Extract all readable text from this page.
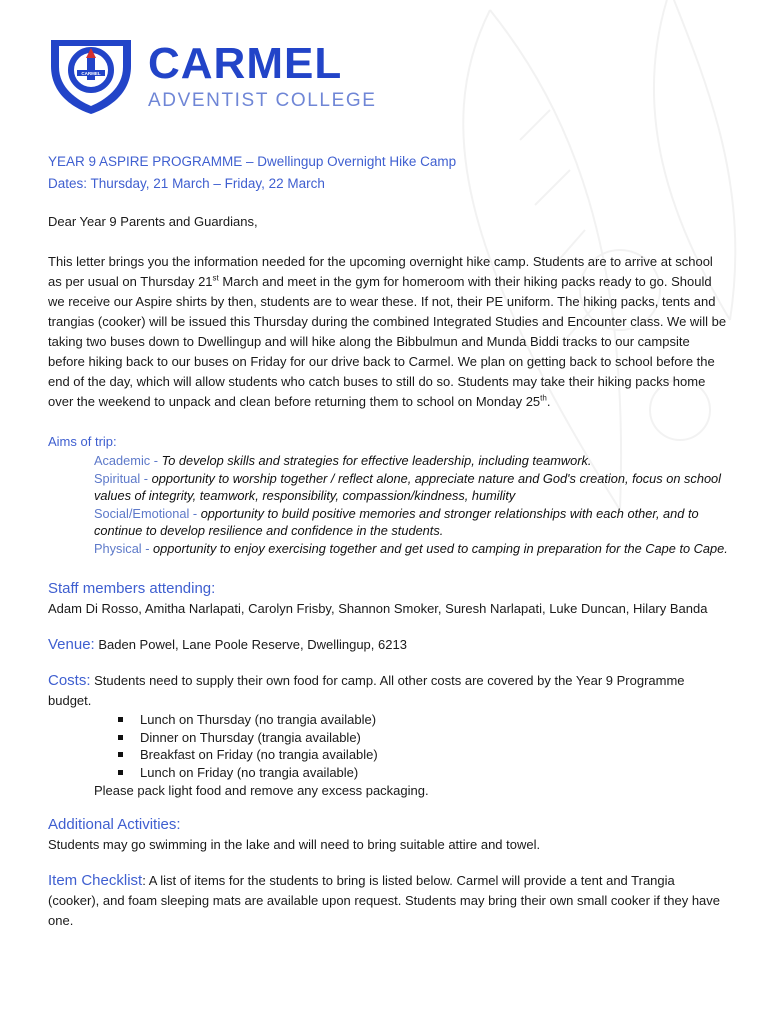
CARMEL CARMEL
ADVENTIST COLLEGE
YEAR 9 ASPIRE PROGRAMME – Dwellingup Overnight Hike Camp
Dates: Thursday, 21 March – Friday, 22 March
Dear Year 9 Parents and Guardians,

This letter brings you the information needed for the upcoming overnight hike camp. Students are to arrive at school as per usual on Thursday 21st March and meet in the gym for homeroom with their hiking packs ready to go. Should we receive our Aspire shirts by then, students are to wear these. If not, their PE uniform. The hiking packs, tents and trangias (cooker) will be issued this Thursday during the combined Integrated Studies and Encounter class. We will be taking two buses down to Dwellingup and will hike along the Bibbulmun and Munda Biddi tracks to our campsite before hiking back to our buses on Friday for our drive back to Carmel. We plan on getting back to school before the end of the day, which will allow students who catch buses to still do so. Students may take their hiking packs home over the weekend to unpack and clean before returning them to school on Monday 25th.

Aims of trip:
Academic - To develop skills and strategies for effective leadership, including teamwork.
Spiritual - opportunity to worship together / reflect alone, appreciate nature and God's creation, focus on school values of integrity, teamwork, responsibility, compassion/kindness, humility
Social/Emotional - opportunity to build positive memories and stronger relationships with each other, and to continue to develop resilience and confidence in the students.
Physical - opportunity to enjoy exercising together and get used to camping in preparation for the Cape to Cape.
Staff members attending:
Adam Di Rosso, Amitha Narlapati, Carolyn Frisby, Shannon Smoker, Suresh Narlapati, Luke Duncan, Hilary Banda
Venue: Baden Powel, Lane Poole Reserve, Dwellingup, 6213
Costs: Students need to supply their own food for camp. All other costs are covered by the Year 9 Programme budget.
Lunch on Thursday (no trangia available)
Dinner on Thursday (trangia available)
Breakfast on Friday (no trangia available)
Lunch on Friday (no trangia available)
Please pack light food and remove any excess packaging.
Additional Activities:
Students may go swimming in the lake and will need to bring suitable attire and towel.
Item Checklist: A list of items for the students to bring is listed below. Carmel will provide a tent and Trangia (cooker), and foam sleeping mats are available upon request. Students may bring their own small cooker if they have one.
